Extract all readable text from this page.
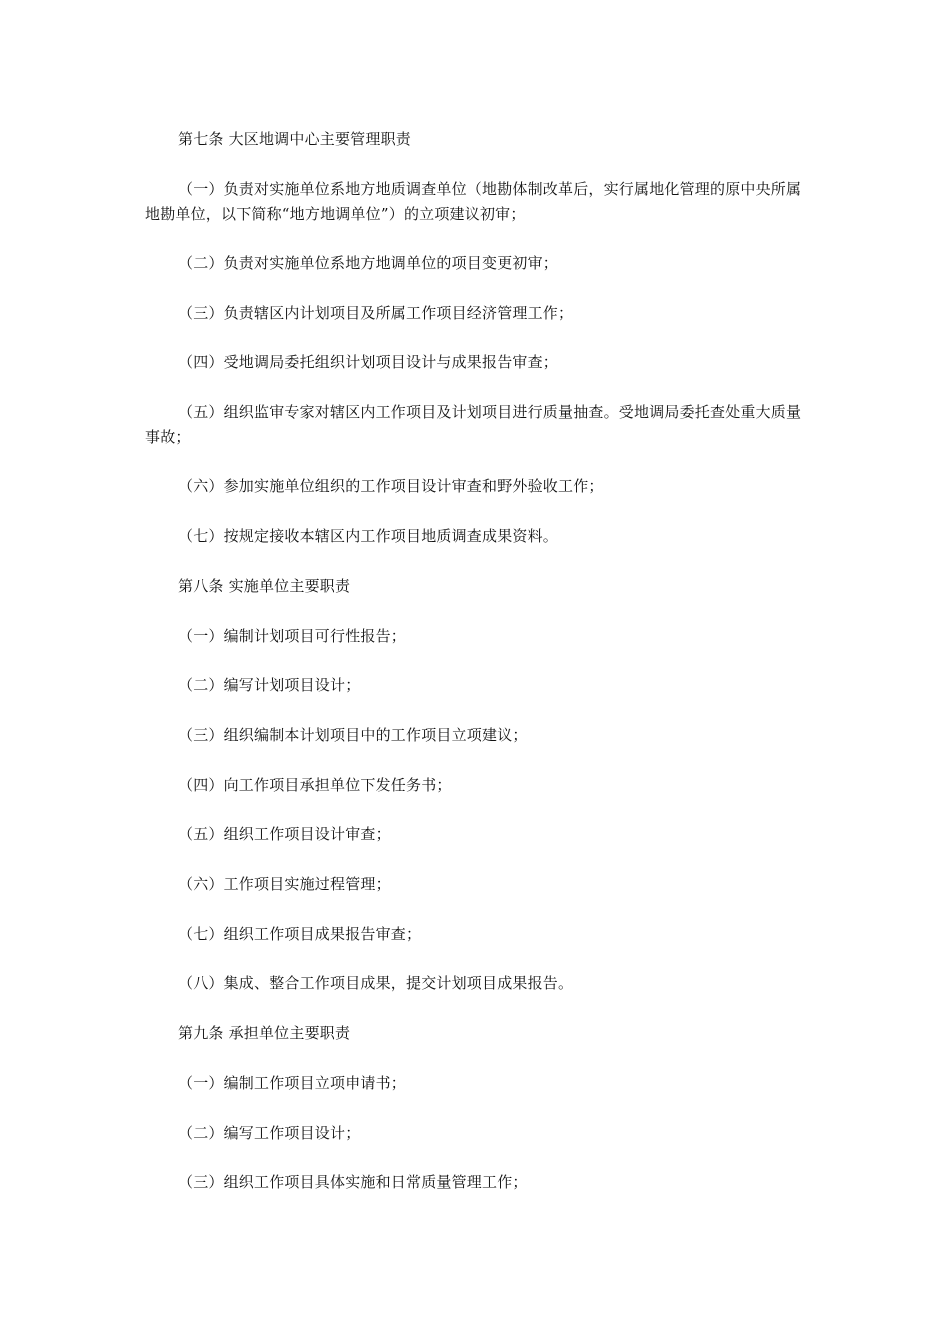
第七条 大区地调中心主要管理职责

（一）负责对实施单位系地方地质调查单位（地勘体制改革后，实行属地化管理的原中央所属地勘单位，以下简称“地方地调单位”）的立项建议初审；

（二）负责对实施单位系地方地调单位的项目变更初审；

（三）负责辖区内计划项目及所属工作项目经济管理工作；

（四）受地调局委托组织计划项目设计与成果报告审查；

（五）组织监审专家对辖区内工作项目及计划项目进行质量抽查。受地调局委托查处重大质量事故；

（六）参加实施单位组织的工作项目设计审查和野外验收工作；

（七）按规定接收本辖区内工作项目地质调查成果资料。

第八条 实施单位主要职责

（一）编制计划项目可行性报告；

（二）编写计划项目设计；

（三）组织编制本计划项目中的工作项目立项建议；

（四）向工作项目承担单位下发任务书；

（五）组织工作项目设计审查；

（六）工作项目实施过程管理；

（七）组织工作项目成果报告审查；

（八）集成、整合工作项目成果，提交计划项目成果报告。

第九条 承担单位主要职责

（一）编制工作项目立项申请书；

（二）编写工作项目设计；

（三）组织工作项目具体实施和日常质量管理工作；
